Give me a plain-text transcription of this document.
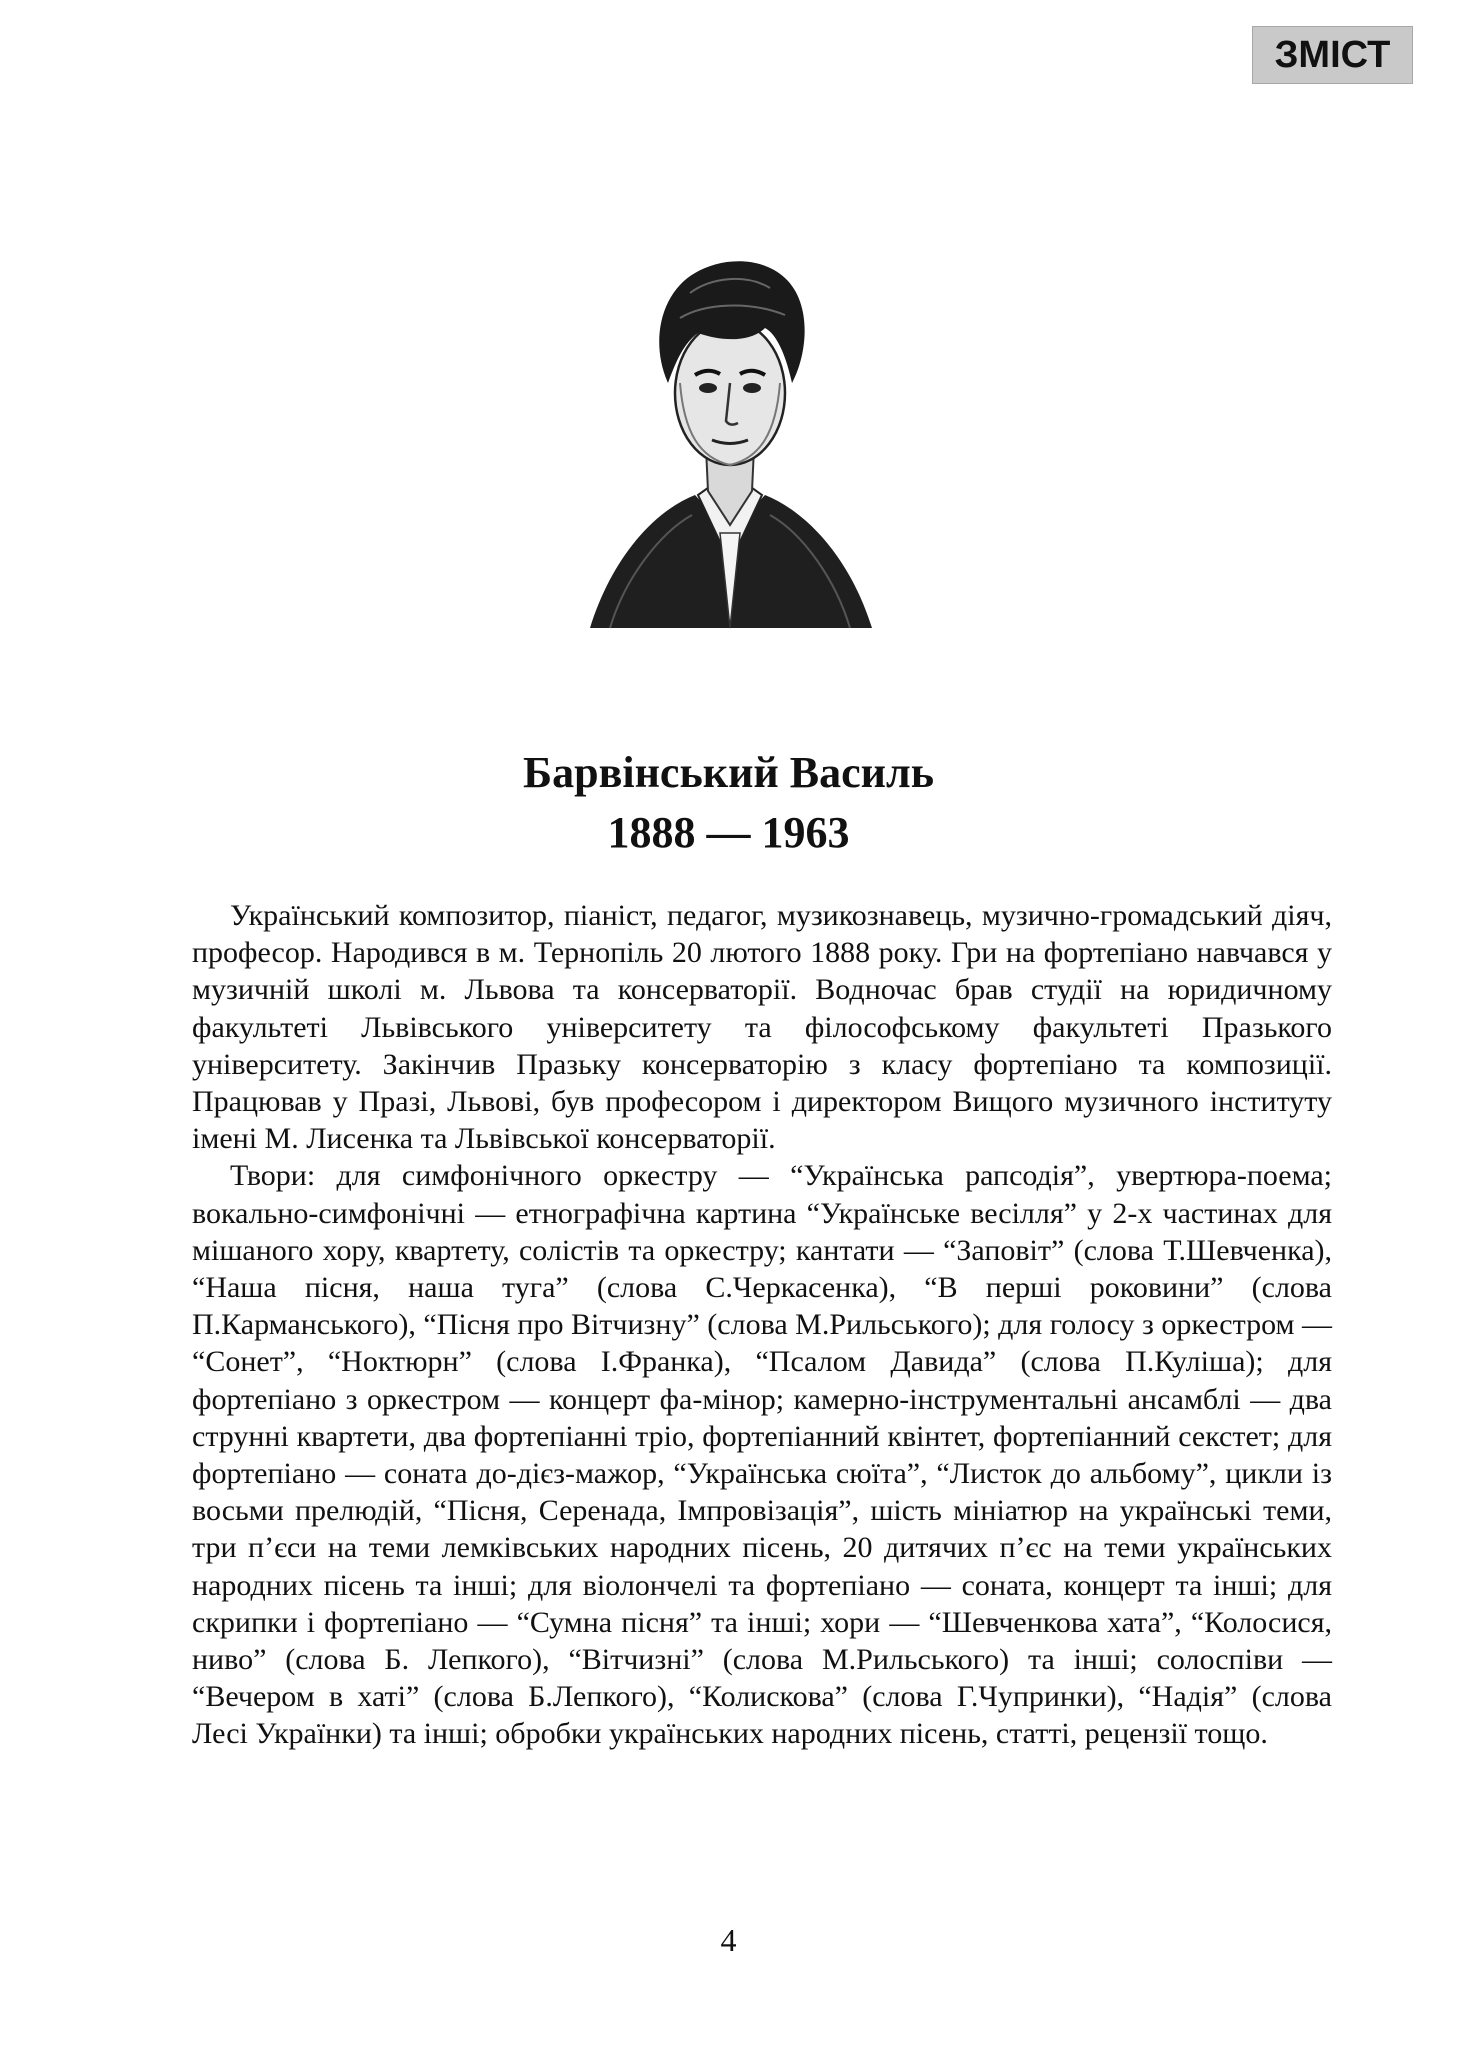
ЗМІСТ
Барвінський Василь
1888 — 1963

Український композитор, піаніст, педагог, музикознавець, музично-громадський діяч, професор. Народився в м. Тернопіль 20 лютого 1888 року. Гри на фортепіано навчався у музичній школі м. Львова та консерваторії. Водночас брав студії на юридичному факультеті Львівського університету та філософському факультеті Празького університету. Закінчив Празьку консерваторію з класу фортепіано та композиції. Працював у Празі, Львові, був професором і директором Вищого музичного інституту імені М. Лисенка та Львівської консерваторії.

Твори: для симфонічного оркестру — “Українська рапсодія”, увертюра-поема; вокально-симфонічні — етнографічна картина “Українське весілля” у 2-х частинах для мішаного хору, квартету, солістів та оркестру; кантати — “Заповіт” (слова Т.Шевченка), “Наша пісня, наша туга” (слова С.Черкасенка), “В перші роковини” (слова П.Карманського), “Пісня про Вітчизну” (слова М.Рильського); для голосу з оркестром — “Сонет”, “Ноктюрн” (слова І.Франка), “Псалом Давида” (слова П.Куліша); для фортепіано з оркестром — концерт фа-мінор; камерно-інструментальні ансамблі — два струнні квартети, два фортепіанні тріо, фортепіанний квінтет, фортепіанний секстет; для фортепіано — соната до-дієз-мажор, “Українська сюїта”, “Листок до альбому”, цикли із восьми прелюдій, “Пісня, Серенада, Імпровізація”, шість мініатюр на українські теми, три п’єси на теми лемківських народних пісень, 20 дитячих п’єс на теми українських народних пісень та інші; для віолончелі та фортепіано — соната, концерт та інші; для скрипки і фортепіано — “Сумна пісня” та інші; хори — “Шевченкова хата”, “Колосися, ниво” (слова Б. Лепкого), “Вітчизні” (слова М.Рильського) та інші; солоспіви — “Вечером в хаті” (слова Б.Лепкого), “Колискова” (слова Г.Чупринки), “Надія” (слова Лесі Українки) та інші; обробки українських народних пісень, статті, рецензії тощо.

4
